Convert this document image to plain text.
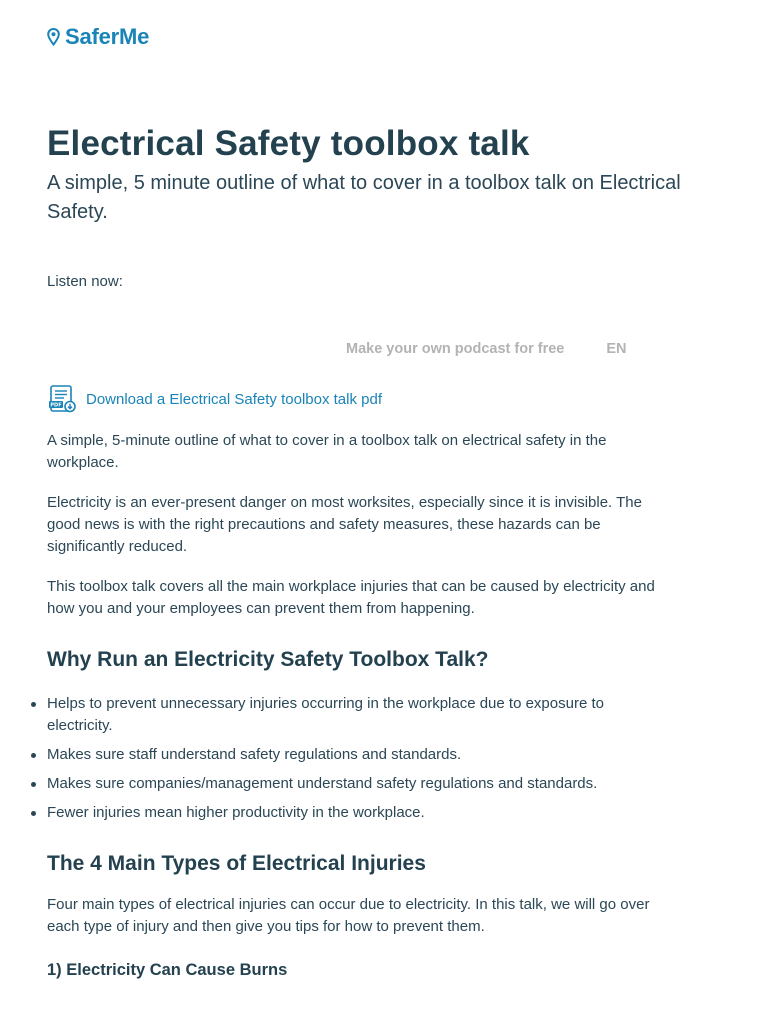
SaferMe
Electrical Safety toolbox talk

A simple, 5 minute outline of what to cover in a toolbox talk on Electrical Safety.

Listen now:
Make your own podcast for free	EN
PDF Download a Electrical Safety toolbox talk pdf

A simple, 5-minute outline of what to cover in a toolbox talk on electrical safety in the workplace.

Electricity is an ever-present danger on most worksites, especially since it is invisible. The good news is with the right precautions and safety measures, these hazards can be significantly reduced.

This toolbox talk covers all the main workplace injuries that can be caused by electricity and how you and your employees can prevent them from happening.

Why Run an Electricity Safety Toolbox Talk?
Helps to prevent unnecessary injuries occurring in the workplace due to exposure to electricity.
Makes sure staff understand safety regulations and standards.
Makes sure companies/management understand safety regulations and standards.
Fewer injuries mean higher productivity in the workplace.
The 4 Main Types of Electrical Injuries

Four main types of electrical injuries can occur due to electricity. In this talk, we will go over each type of injury and then give you tips for how to prevent them.

1) Electricity Can Cause Burns
